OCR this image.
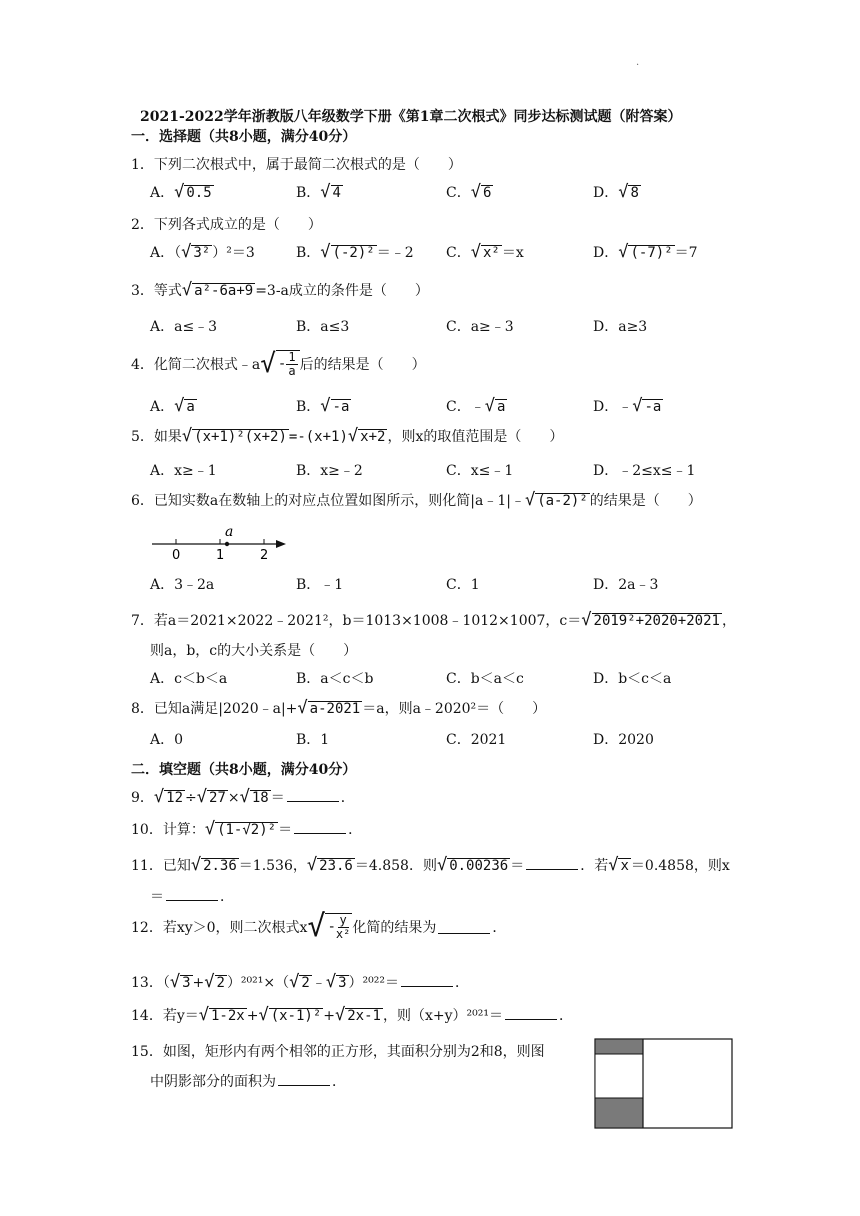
.
2021-2022学年浙教版八年级数学下册《第1章二次根式》同步达标测试题（附答案）
一．选择题（共8小题，满分40分）
1．下列二次根式中，属于最简二次根式的是（　　）
A． √ 0.5	B． √ 4	C． √ 6	D． √ 8
2．下列各式成立的是（　　）
A．（ √ 3² ）²＝3	B． √ (-2)² ＝﹣2 C． √ x² ＝x	D． √ (-7)² ＝7
3．等式 √ a²-6a+9 =3-a成立的条件是（　　）
A．a≤﹣3	B．a≤3	C．a≥﹣3	D．a≥3
4．化简二次根式﹣a √ - $\frac{1}{a}$ 后的结果是（　　）
A． √ a	B． √ -a	C．﹣ √ a	D．﹣ √ -a
5．如果 √ (x+1)²(x+2) =-(x+1) √ x+2 ，则x的取值范围是（　　）
A．x≥﹣1	B．x≥﹣2	C．x≤﹣1	D．﹣2≤x≤﹣1
6．已知实数a在数轴上的对应点位置如图所示，则化简|a﹣1|﹣ √ (a-2)² 的结果是（　　）
a
0	1	2
A．3﹣2a	B．﹣1	C．1	D．2a﹣3
7．若a＝2021×2022﹣2021²，b＝1013×1008﹣1012×1007，c＝ √ 2019²+2020+2021 ，
则a，b，c的大小关系是（　　）
A．c＜b＜a	B．a＜c＜b	C．b＜a＜c	D．b＜c＜a
8．已知a满足|2020﹣a|+ √ a-2021 ＝a，则a﹣2020²＝（　　）
A．0	B．1	C．2021	D．2020
二．填空题（共8小题，满分40分）
9． √ 12 ÷ √ 27 × √ 18 ＝	．
10．计算： √ (1-√2)² ＝	．
11．已知 √ 2.36 ＝1.536， √ 23.6 ＝4.858．则 √ 0.00236 ＝	．若 √ x ＝0.4858，则x
＝	．
12．若xy＞0，则二次根式x √ - $\frac{y}{\text{x²}}$ 化简的结果为	．
13．（ √ 3 + √ 2 ）²⁰²¹×（ √ 2 ﹣ √ 3 ）²⁰²²＝	．
14．若y＝ √ 1-2x + √ (x-1)² + √ 2x-1 ，则（x+y）²⁰²¹＝	．
15．如图，矩形内有两个相邻的正方形，其面积分别为2和8，则图
中阴影部分的面积为	．
